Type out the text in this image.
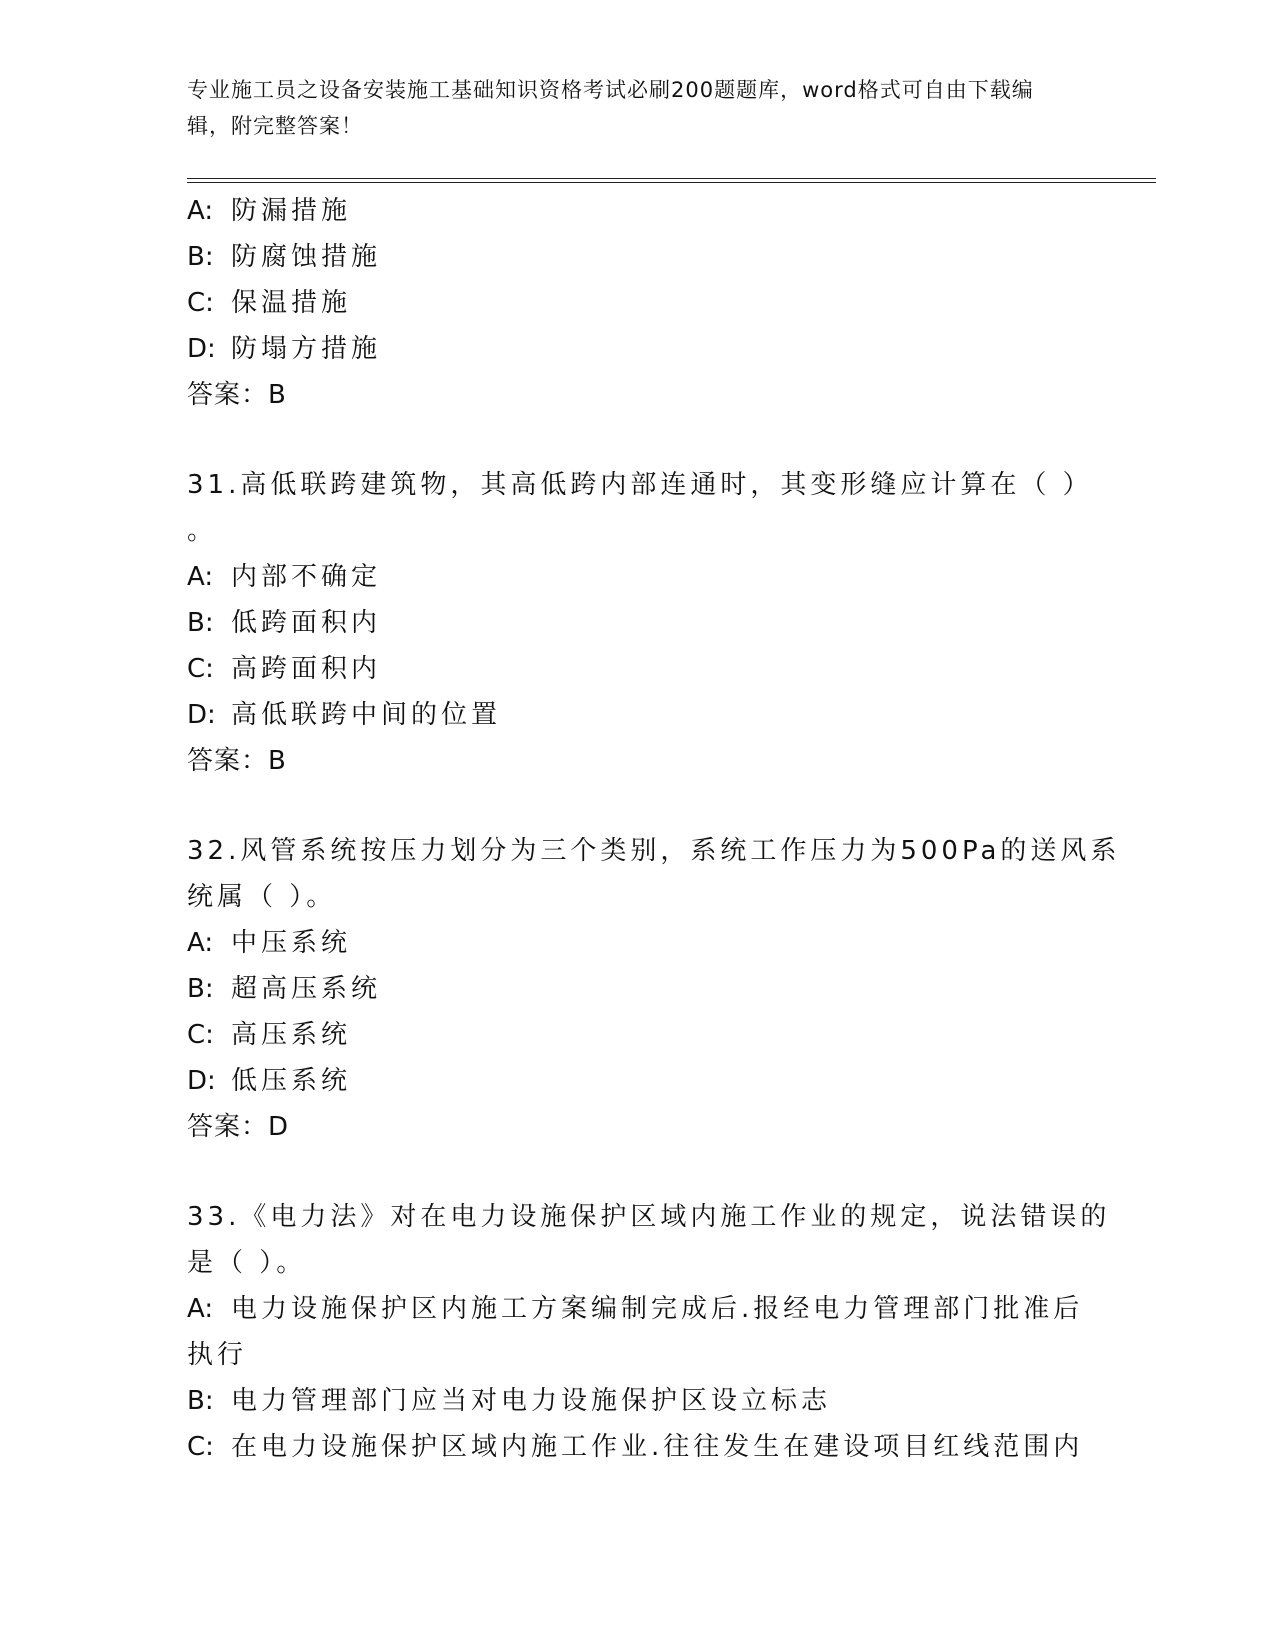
专业施工员之设备安装施工基础知识资格考试必刷200题题库，word格式可自由下载编辑，附完整答案！
A: 防漏措施
B: 防腐蚀措施
C: 保温措施
D: 防塌方措施
答案：B
31.高低联跨建筑物，其高低跨内部连通时，其变形缝应计算在（ ）
。
A: 内部不确定
B: 低跨面积内
C: 高跨面积内
D: 高低联跨中间的位置
答案：B
32.风管系统按压力划分为三个类别，系统工作压力为500Pa的送风系
统属（ ）。
A: 中压系统
B: 超高压系统
C: 高压系统
D: 低压系统
答案：D
33.《电力法》对在电力设施保护区域内施工作业的规定，说法错误的
是（ ）。
A: 电力设施保护区内施工方案编制完成后.报经电力管理部门批准后
执行
B: 电力管理部门应当对电力设施保护区设立标志
C: 在电力设施保护区域内施工作业.往往发生在建设项目红线范围内
